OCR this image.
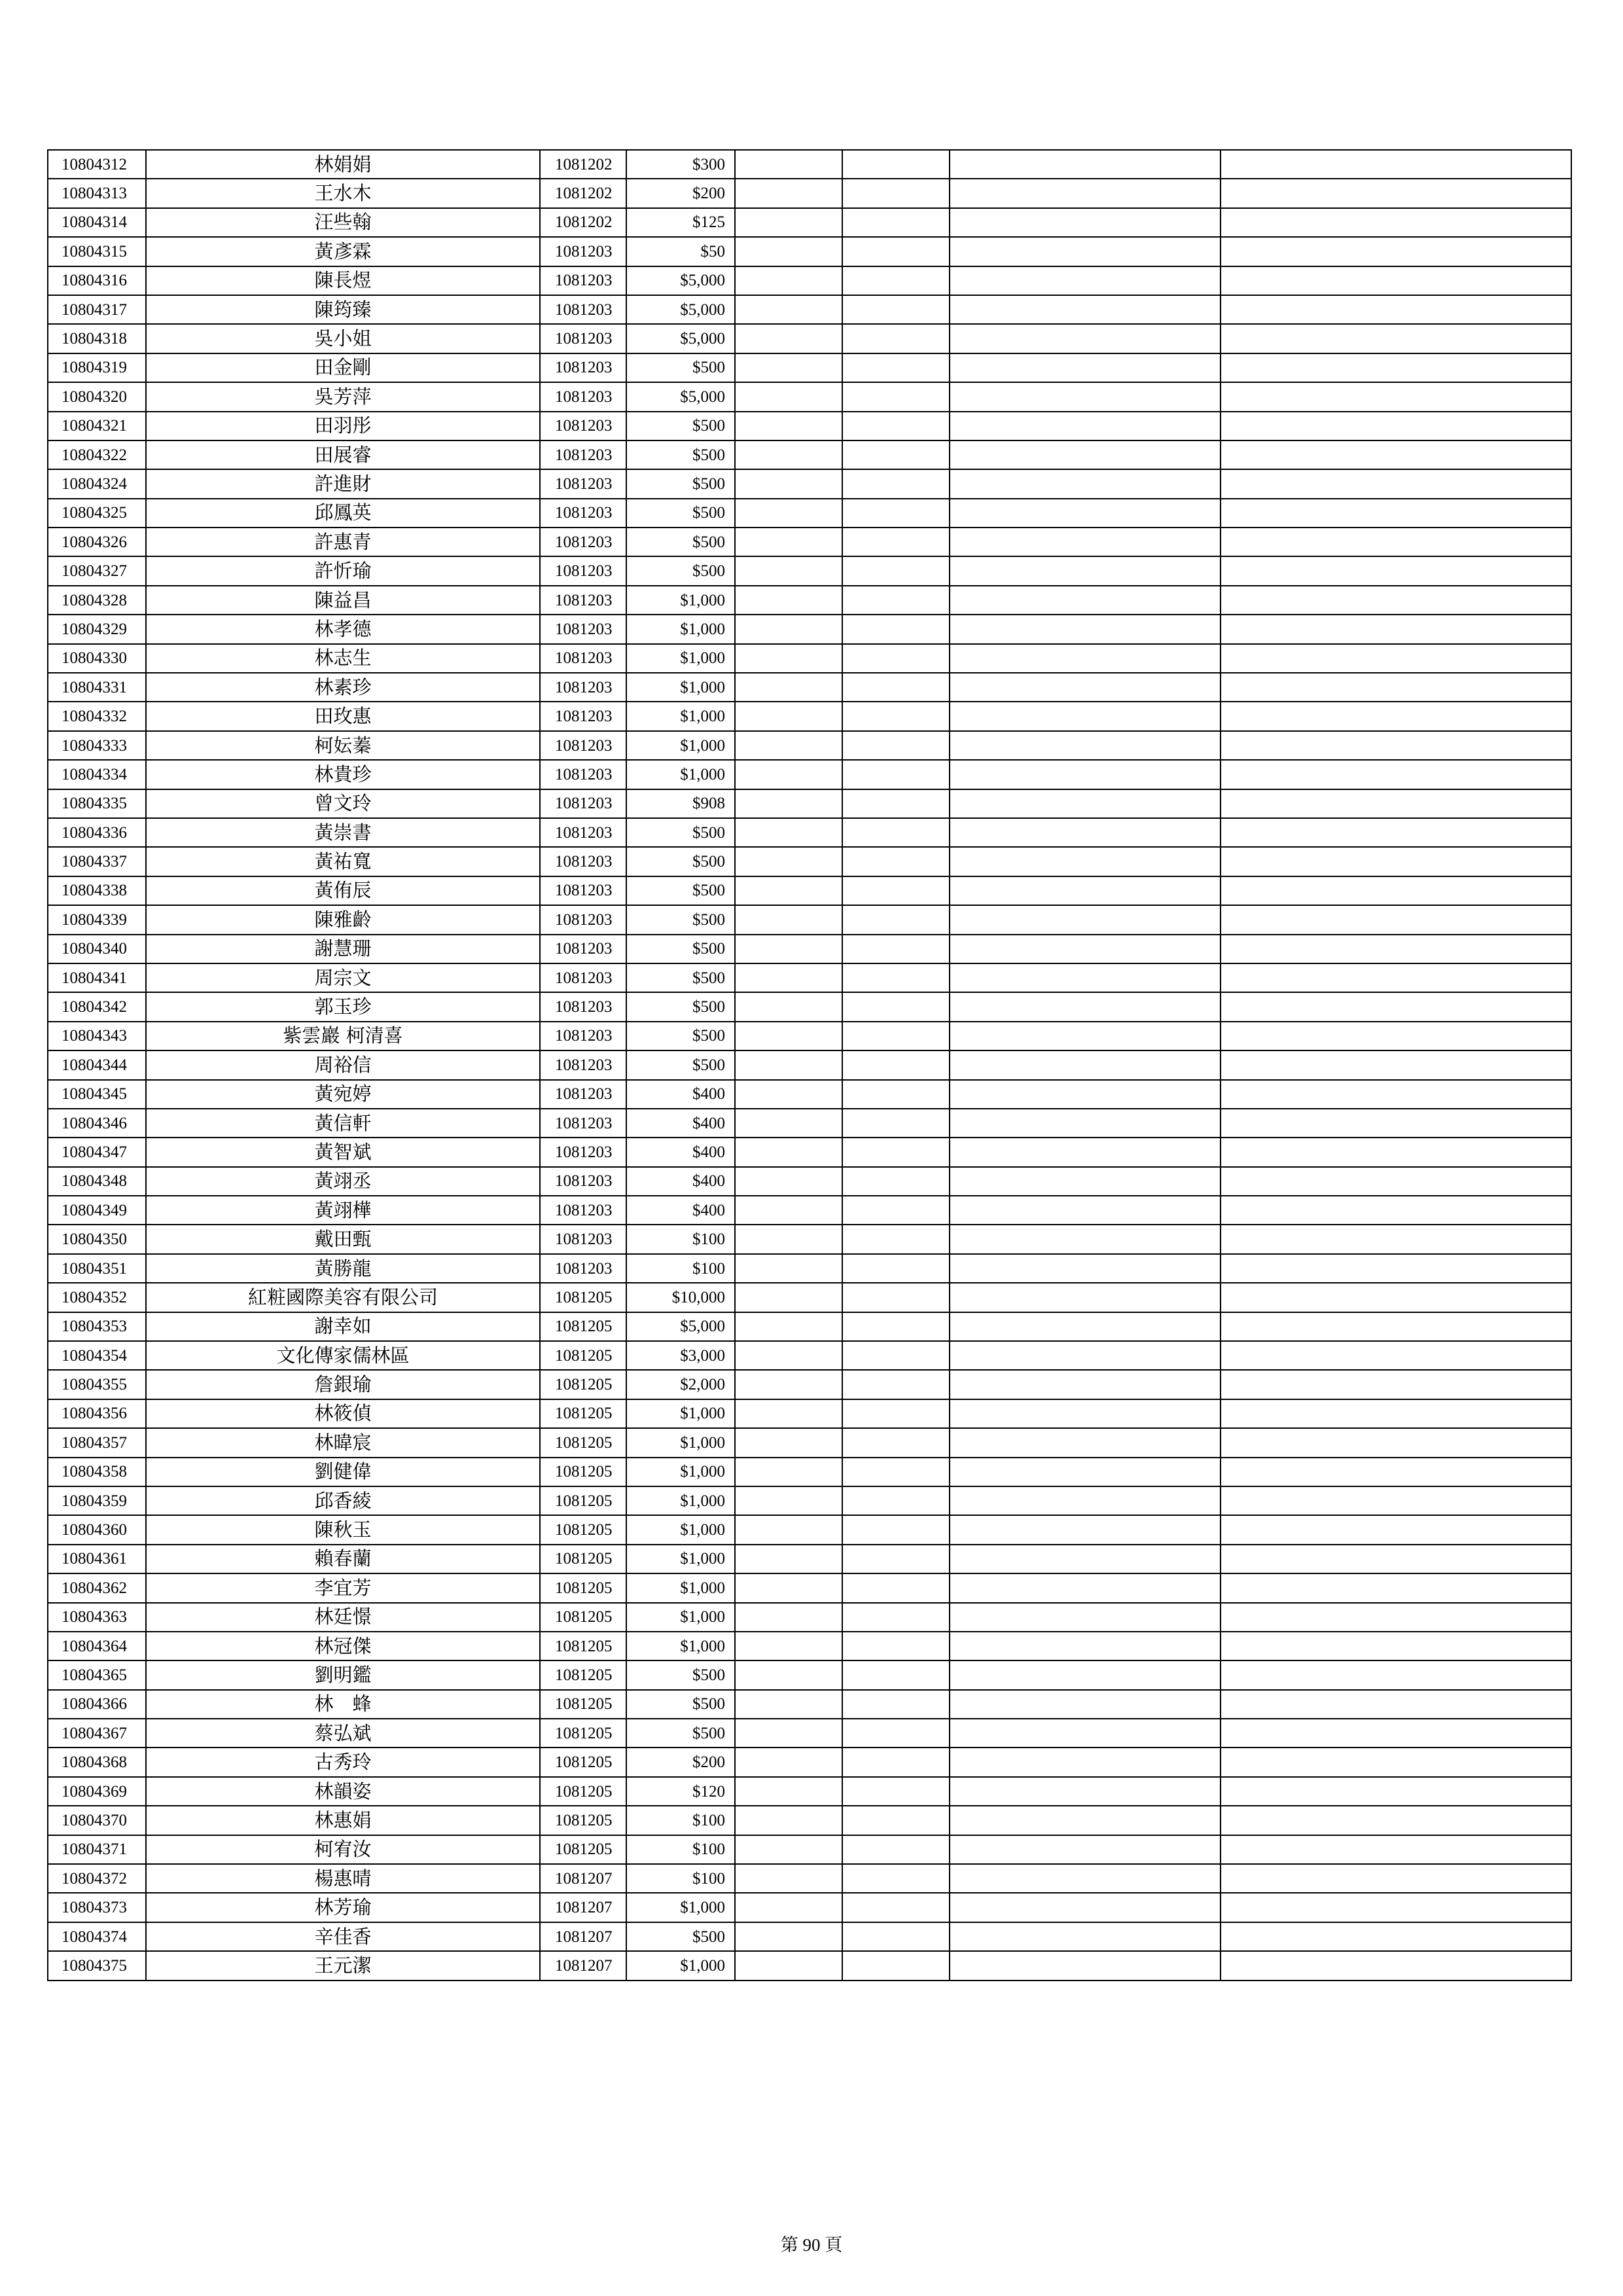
10804312	林娟娟	1081202	$300				
10804313	王水木	1081202	$200				
10804314	汪些翰	1081202	$125				
10804315	黃彥霖	1081203	$50				
10804316	陳長煜	1081203	$5,000				
10804317	陳筠臻	1081203	$5,000				
10804318	吳小姐	1081203	$5,000				
10804319	田金剛	1081203	$500				
10804320	吳芳萍	1081203	$5,000				
10804321	田羽彤	1081203	$500				
10804322	田展睿	1081203	$500				
10804324	許進財	1081203	$500				
10804325	邱鳳英	1081203	$500				
10804326	許惠青	1081203	$500				
10804327	許忻瑜	1081203	$500				
10804328	陳益昌	1081203	$1,000				
10804329	林孝德	1081203	$1,000				
10804330	林志生	1081203	$1,000				
10804331	林素珍	1081203	$1,000				
10804332	田玫惠	1081203	$1,000				
10804333	柯妘蓁	1081203	$1,000				
10804334	林貴珍	1081203	$1,000				
10804335	曾文玲	1081203	$908				
10804336	黃崇書	1081203	$500				
10804337	黃祐寬	1081203	$500				
10804338	黃侑辰	1081203	$500				
10804339	陳雅齡	1081203	$500				
10804340	謝慧珊	1081203	$500				
10804341	周宗文	1081203	$500				
10804342	郭玉珍	1081203	$500				
10804343	紫雲巖 柯清喜	1081203	$500				
10804344	周裕信	1081203	$500				
10804345	黃宛婷	1081203	$400				
10804346	黃信軒	1081203	$400				
10804347	黃智斌	1081203	$400				
10804348	黃翊丞	1081203	$400				
10804349	黃翊樺	1081203	$400				
10804350	戴田甄	1081203	$100				
10804351	黃勝龍	1081203	$100				
10804352	紅粧國際美容有限公司	1081205	$10,000				
10804353	謝幸如	1081205	$5,000				
10804354	文化傳家儒林區	1081205	$3,000				
10804355	詹銀瑜	1081205	$2,000				
10804356	林筱偵	1081205	$1,000				
10804357	林暐宸	1081205	$1,000				
10804358	劉健偉	1081205	$1,000				
10804359	邱香綾	1081205	$1,000				
10804360	陳秋玉	1081205	$1,000				
10804361	賴春蘭	1081205	$1,000				
10804362	李宜芳	1081205	$1,000				
10804363	林廷憬	1081205	$1,000				
10804364	林冠傑	1081205	$1,000				
10804365	劉明鑑	1081205	$500				
10804366	林　蜂	1081205	$500				
10804367	蔡弘斌	1081205	$500				
10804368	古秀玲	1081205	$200				
10804369	林韻姿	1081205	$120				
10804370	林惠娟	1081205	$100				
10804371	柯宥汝	1081205	$100				
10804372	楊惠晴	1081207	$100				
10804373	林芳瑜	1081207	$1,000				
10804374	辛佳香	1081207	$500				
10804375	王元潔	1081207	$1,000				
第 90 頁
